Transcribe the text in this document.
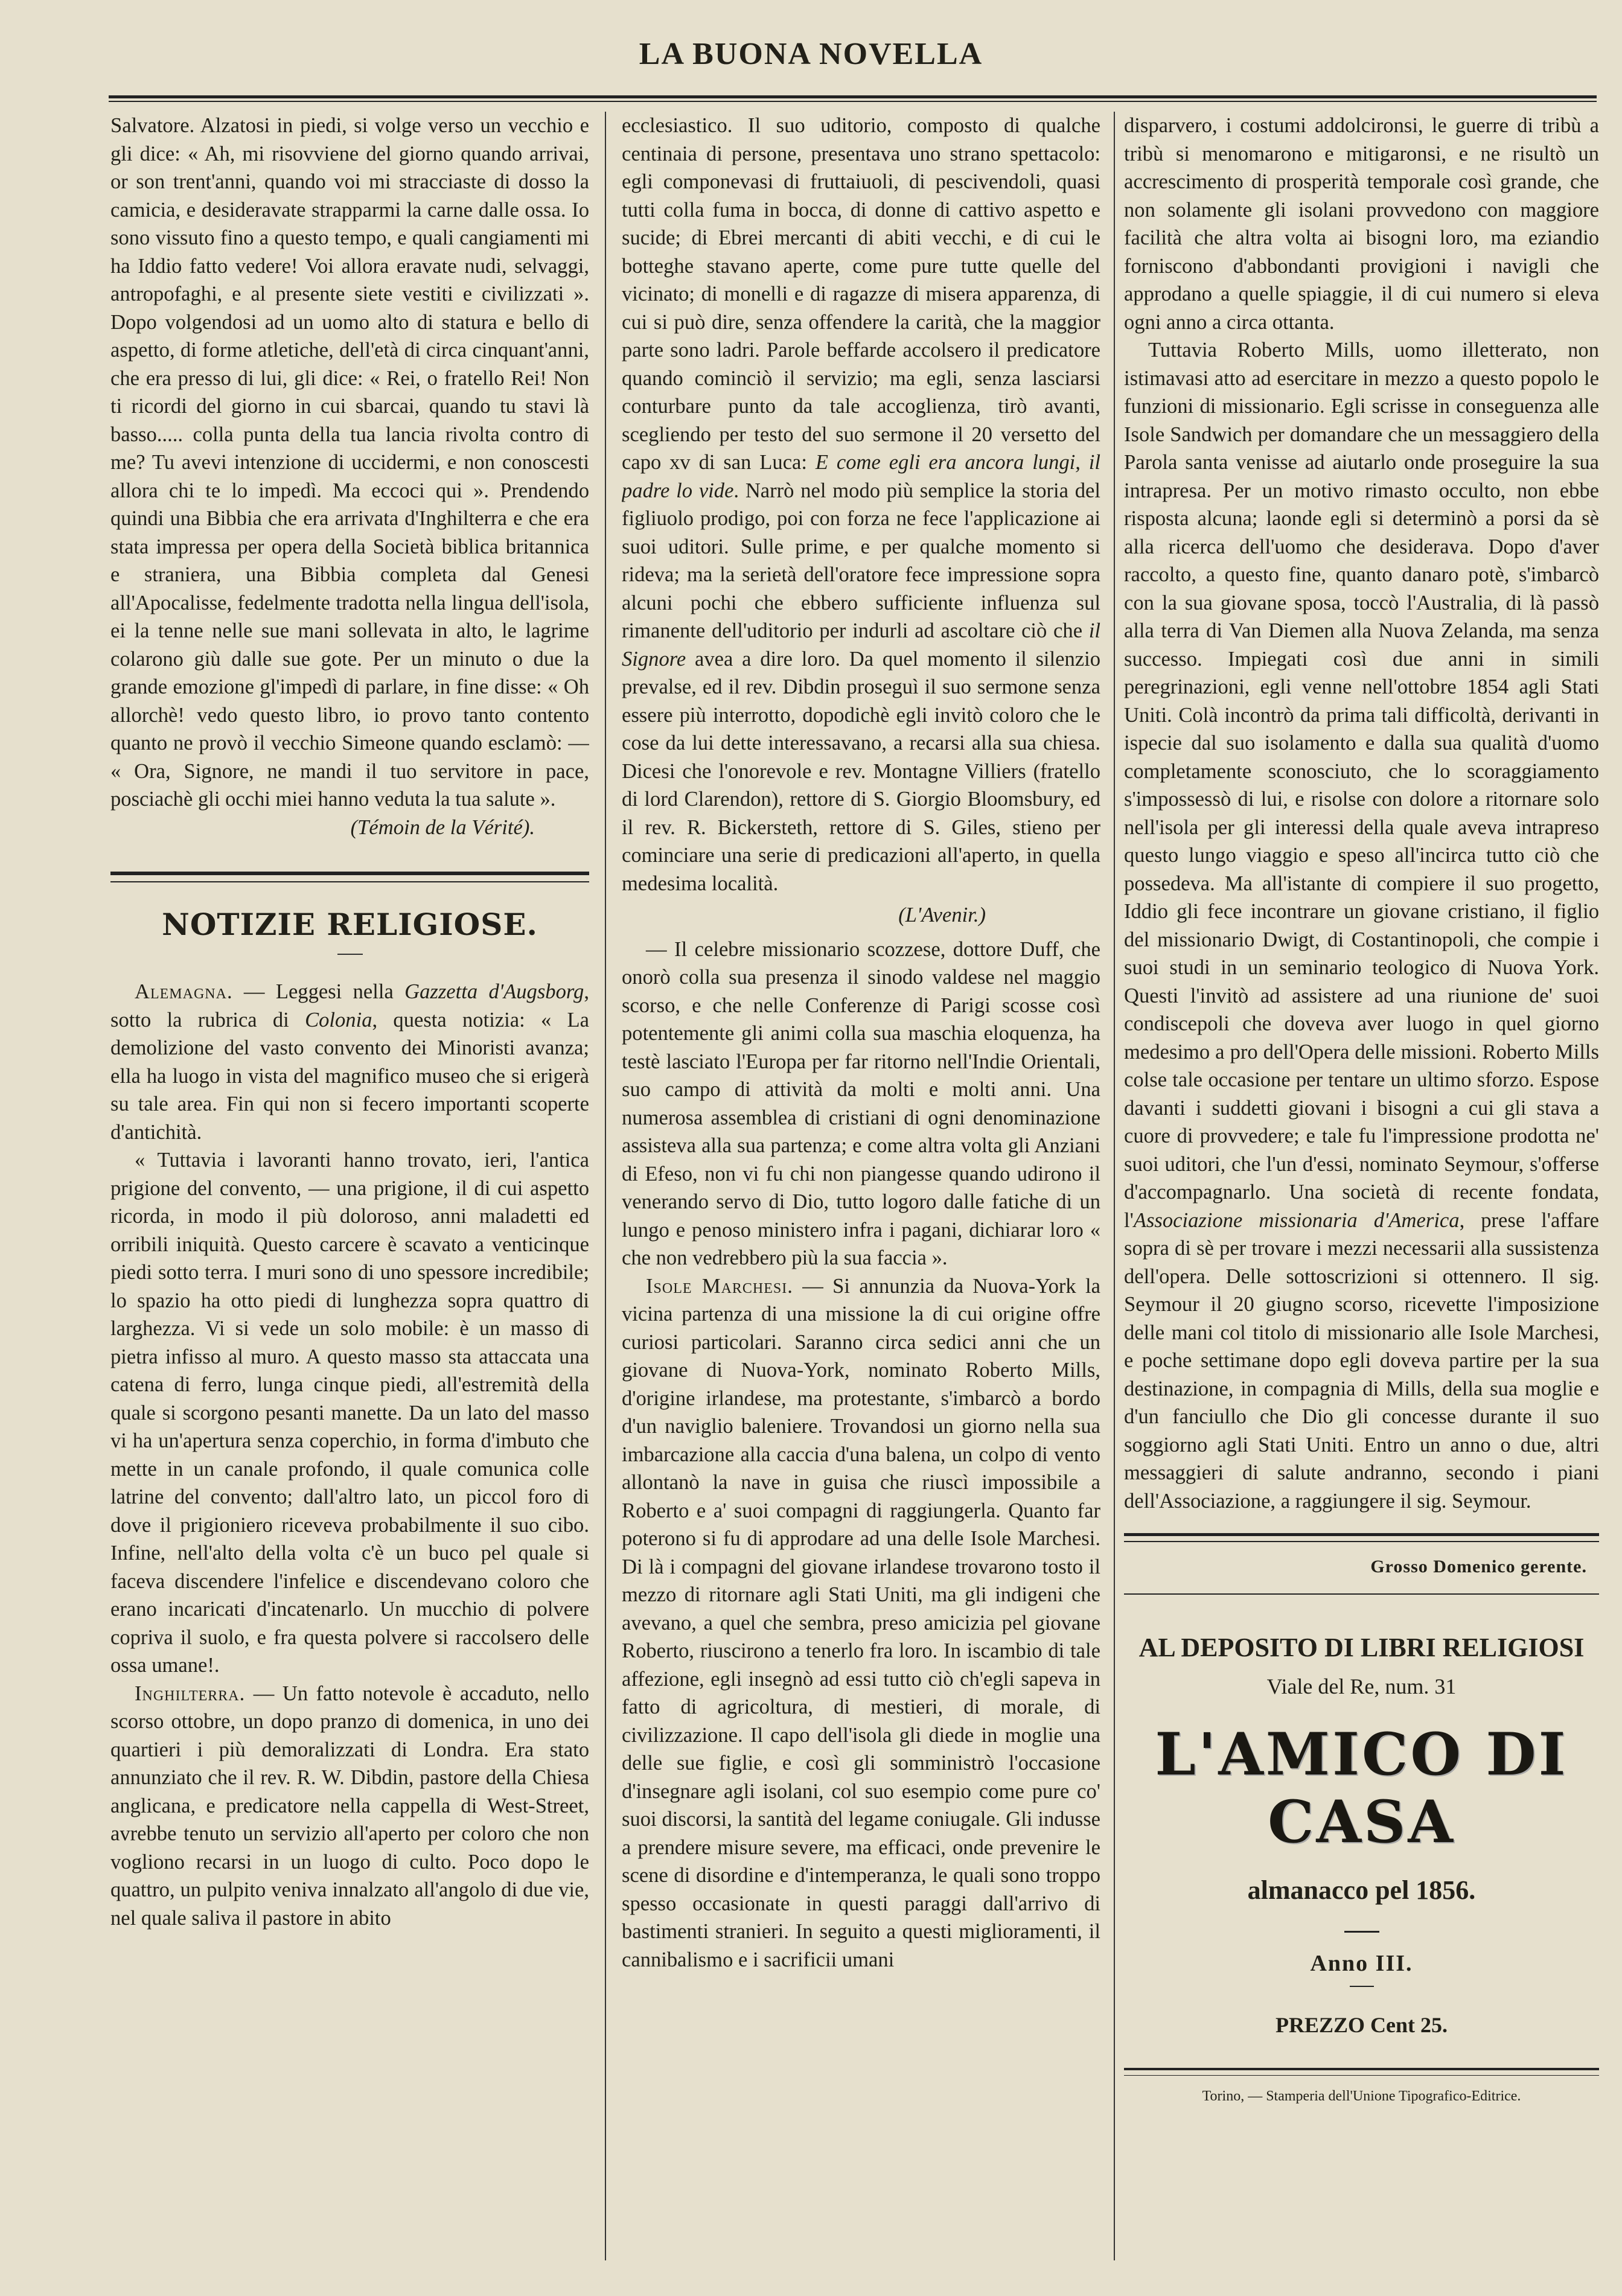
LA BUONA NOVELLA

Salvatore. Alzatosi in piedi, si volge verso un vecchio e gli dice: « Ah, mi risovviene del giorno quando arrivai, or son trent'anni, quando voi mi stracciaste di dosso la camicia, e desideravate strapparmi la carne dalle ossa. Io sono vissuto fino a questo tempo, e quali cangiamenti mi ha Iddio fatto vedere! Voi allora eravate nudi, selvaggi, antropofaghi, e al presente siete vestiti e civilizzati ». Dopo volgendosi ad un uomo alto di statura e bello di aspetto, di forme atletiche, dell'età di circa cinquant'anni, che era presso di lui, gli dice: « Rei, o fratello Rei! Non ti ricordi del giorno in cui sbarcai, quando tu stavi là basso..... colla punta della tua lancia rivolta contro di me? Tu avevi intenzione di uccidermi, e non conoscesti allora chi te lo impedì. Ma eccoci qui ». Prendendo quindi una Bibbia che era arrivata d'Inghilterra e che era stata impressa per opera della Società biblica britannica e straniera, una Bibbia completa dal Genesi all'Apocalisse, fedelmente tradotta nella lingua dell'isola, ei la tenne nelle sue mani sollevata in alto, le lagrime colarono giù dalle sue gote. Per un minuto o due la grande emozione gl'impedì di parlare, in fine disse: « Oh allorchè! vedo questo libro, io provo tanto contento quanto ne provò il vecchio Simeone quando esclamò: — « Ora, Signore, ne mandi il tuo servitore in pace, posciachè gli occhi miei hanno veduta la tua salute ».

(Témoin de la Vérité).

NOTIZIE RELIGIOSE.

Alemagna. — Leggesi nella Gazzetta d'Augsborg, sotto la rubrica di Colonia, questa notizia: « La demolizione del vasto convento dei Minoristi avanza; ella ha luogo in vista del magnifico museo che si erigerà su tale area. Fin qui non si fecero importanti scoperte d'antichità.

« Tuttavia i lavoranti hanno trovato, ieri, l'antica prigione del convento, — una prigione, il di cui aspetto ricorda, in modo il più doloroso, anni maladetti ed orribili iniquità. Questo carcere è scavato a venticinque piedi sotto terra. I muri sono di uno spessore incredibile; lo spazio ha otto piedi di lunghezza sopra quattro di larghezza. Vi si vede un solo mobile: è un masso di pietra infisso al muro. A questo masso sta attaccata una catena di ferro, lunga cinque piedi, all'estremità della quale si scorgono pesanti manette. Da un lato del masso vi ha un'apertura senza coperchio, in forma d'imbuto che mette in un canale profondo, il quale comunica colle latrine del convento; dall'altro lato, un piccol foro di dove il prigioniero riceveva probabilmente il suo cibo. Infine, nell'alto della volta c'è un buco pel quale si faceva discendere l'infelice e discendevano coloro che erano incaricati d'incatenarlo. Un mucchio di polvere copriva il suolo, e fra questa polvere si raccolsero delle ossa umane!.

Inghilterra. — Un fatto notevole è accaduto, nello scorso ottobre, un dopo pranzo di domenica, in uno dei quartieri i più demoralizzati di Londra. Era stato annunziato che il rev. R. W. Dibdin, pastore della Chiesa anglicana, e predicatore nella cappella di West-Street, avrebbe tenuto un servizio all'aperto per coloro che non vogliono recarsi in un luogo di culto. Poco dopo le quattro, un pulpito veniva innalzato all'angolo di due vie, nel quale saliva il pastore in abito

ecclesiastico. Il suo uditorio, composto di qualche centinaia di persone, presentava uno strano spettacolo: egli componevasi di fruttaiuoli, di pescivendoli, quasi tutti colla fuma in bocca, di donne di cattivo aspetto e sucide; di Ebrei mercanti di abiti vecchi, e di cui le botteghe stavano aperte, come pure tutte quelle del vicinato; di monelli e di ragazze di misera apparenza, di cui si può dire, senza offendere la carità, che la maggior parte sono ladri. Parole beffarde accolsero il predicatore quando cominciò il servizio; ma egli, senza lasciarsi conturbare punto da tale accoglienza, tirò avanti, scegliendo per testo del suo sermone il 20 versetto del capo xv di san Luca: E come egli era ancora lungi, il padre lo vide. Narrò nel modo più semplice la storia del figliuolo prodigo, poi con forza ne fece l'applicazione ai suoi uditori. Sulle prime, e per qualche momento si rideva; ma la serietà dell'oratore fece impressione sopra alcuni pochi che ebbero sufficiente influenza sul rimanente dell'uditorio per indurli ad ascoltare ciò che il Signore avea a dire loro. Da quel momento il silenzio prevalse, ed il rev. Dibdin proseguì il suo sermone senza essere più interrotto, dopodichè egli invitò coloro che le cose da lui dette interessavano, a recarsi alla sua chiesa. Dicesi che l'onorevole e rev. Montagne Villiers (fratello di lord Clarendon), rettore di S. Giorgio Bloomsbury, ed il rev. R. Bickersteth, rettore di S. Giles, stieno per cominciare una serie di predicazioni all'aperto, in quella medesima località.

(L'Avenir.)

— Il celebre missionario scozzese, dottore Duff, che onorò colla sua presenza il sinodo valdese nel maggio scorso, e che nelle Conferenze di Parigi scosse così potentemente gli animi colla sua maschia eloquenza, ha testè lasciato l'Europa per far ritorno nell'Indie Orientali, suo campo di attività da molti e molti anni. Una numerosa assemblea di cristiani di ogni denominazione assisteva alla sua partenza; e come altra volta gli Anziani di Efeso, non vi fu chi non piangesse quando udirono il venerando servo di Dio, tutto logoro dalle fatiche di un lungo e penoso ministero infra i pagani, dichiarar loro « che non vedrebbero più la sua faccia ».

Isole Marchesi. — Si annunzia da Nuova-York la vicina partenza di una missione la di cui origine offre curiosi particolari. Saranno circa sedici anni che un giovane di Nuova-York, nominato Roberto Mills, d'origine irlandese, ma protestante, s'imbarcò a bordo d'un naviglio baleniere. Trovandosi un giorno nella sua imbarcazione alla caccia d'una balena, un colpo di vento allontanò la nave in guisa che riuscì impossibile a Roberto e a' suoi compagni di raggiungerla. Quanto far poterono si fu di approdare ad una delle Isole Marchesi. Di là i compagni del giovane irlandese trovarono tosto il mezzo di ritornare agli Stati Uniti, ma gli indigeni che avevano, a quel che sembra, preso amicizia pel giovane Roberto, riuscirono a tenerlo fra loro. In iscambio di tale affezione, egli insegnò ad essi tutto ciò ch'egli sapeva in fatto di agricoltura, di mestieri, di morale, di civilizzazione. Il capo dell'isola gli diede in moglie una delle sue figlie, e così gli somministrò l'occasione d'insegnare agli isolani, col suo esempio come pure co' suoi discorsi, la santità del legame coniugale. Gli indusse a prendere misure severe, ma efficaci, onde prevenire le scene di disordine e d'intemperanza, le quali sono troppo spesso occasionate in questi paraggi dall'arrivo di bastimenti stranieri. In seguito a questi miglioramenti, il cannibalismo e i sacrificii umani

disparvero, i costumi addolcironsi, le guerre di tribù a tribù si menomarono e mitigaronsi, e ne risultò un accrescimento di prosperità temporale così grande, che non solamente gli isolani provvedono con maggiore facilità che altra volta ai bisogni loro, ma eziandio forniscono d'abbondanti provigioni i navigli che approdano a quelle spiaggie, il di cui numero si eleva ogni anno a circa ottanta.

Tuttavia Roberto Mills, uomo illetterato, non istimavasi atto ad esercitare in mezzo a questo popolo le funzioni di missionario. Egli scrisse in conseguenza alle Isole Sandwich per domandare che un messaggiero della Parola santa venisse ad aiutarlo onde proseguire la sua intrapresa. Per un motivo rimasto occulto, non ebbe risposta alcuna; laonde egli si determinò a porsi da sè alla ricerca dell'uomo che desiderava. Dopo d'aver raccolto, a questo fine, quanto danaro potè, s'imbarcò con la sua giovane sposa, toccò l'Australia, di là passò alla terra di Van Diemen alla Nuova Zelanda, ma senza successo. Impiegati così due anni in simili peregrinazioni, egli venne nell'ottobre 1854 agli Stati Uniti. Colà incontrò da prima tali difficoltà, derivanti in ispecie dal suo isolamento e dalla sua qualità d'uomo completamente sconosciuto, che lo scoraggiamento s'impossessò di lui, e risolse con dolore a ritornare solo nell'isola per gli interessi della quale aveva intrapreso questo lungo viaggio e speso all'incirca tutto ciò che possedeva. Ma all'istante di compiere il suo progetto, Iddio gli fece incontrare un giovane cristiano, il figlio del missionario Dwigt, di Costantinopoli, che compie i suoi studi in un seminario teologico di Nuova York. Questi l'invitò ad assistere ad una riunione de' suoi condiscepoli che doveva aver luogo in quel giorno medesimo a pro dell'Opera delle missioni. Roberto Mills colse tale occasione per tentare un ultimo sforzo. Espose davanti i suddetti giovani i bisogni a cui gli stava a cuore di provvedere; e tale fu l'impressione prodotta ne' suoi uditori, che l'un d'essi, nominato Seymour, s'offerse d'accompagnarlo. Una società di recente fondata, l'Associazione missionaria d'America, prese l'affare sopra di sè per trovare i mezzi necessarii alla sussistenza dell'opera. Delle sottoscrizioni si ottennero. Il sig. Seymour il 20 giugno scorso, ricevette l'imposizione delle mani col titolo di missionario alle Isole Marchesi, e poche settimane dopo egli doveva partire per la sua destinazione, in compagnia di Mills, della sua moglie e d'un fanciullo che Dio gli concesse durante il suo soggiorno agli Stati Uniti. Entro un anno o due, altri messaggieri di salute andranno, secondo i piani dell'Associazione, a raggiungere il sig. Seymour.

Grosso Domenico gerente.
AL DEPOSITO DI LIBRI RELIGIOSI
Viale del Re, num. 31
L'AMICO DI CASA
almanacco pel 1856.
Anno III.
PREZZO Cent 25.
Torino, — Stamperia dell'Unione Tipografico-Editrice.
